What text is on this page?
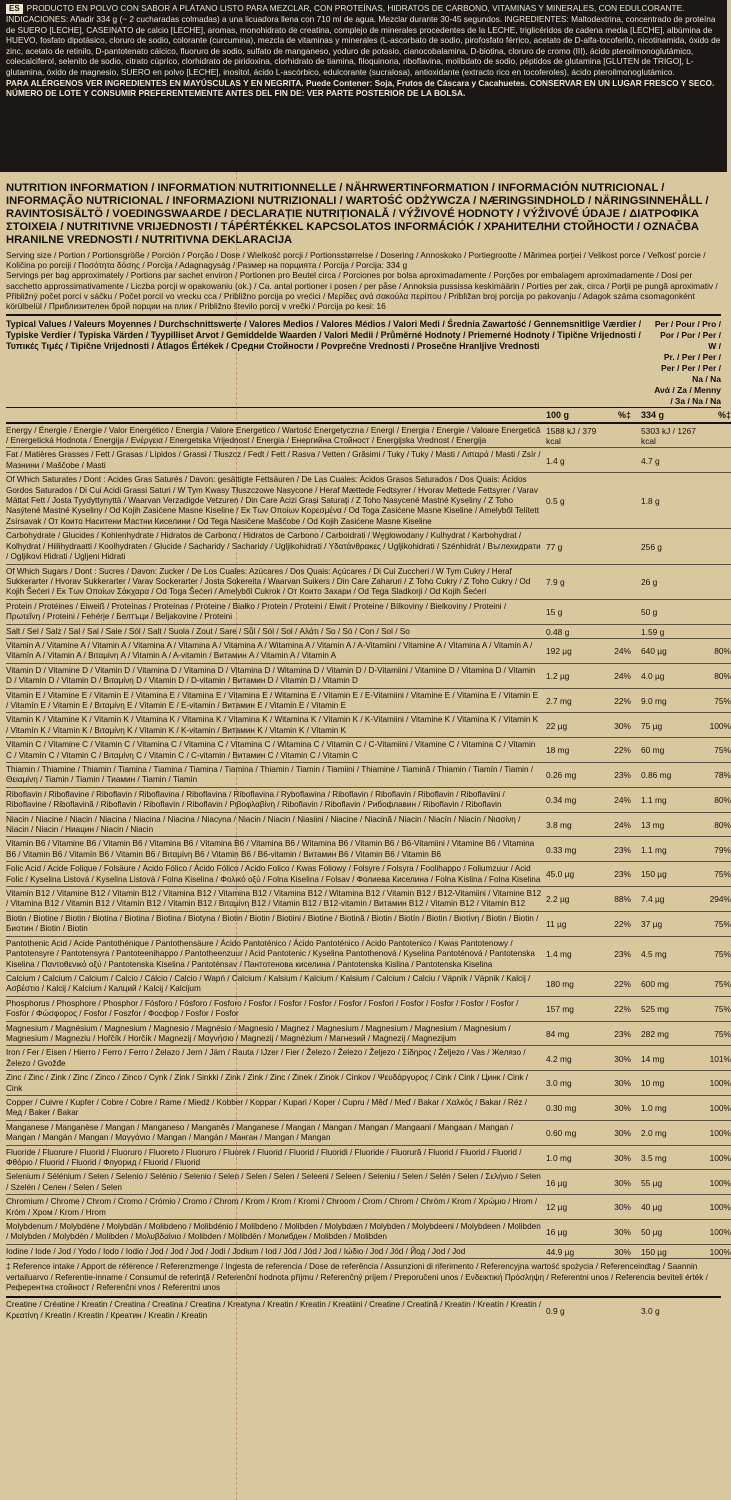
ES PRODUCTO EN POLVO CON SABOR A PLÁTANO LISTO PARA MEZCLAR, CON PROTEÍNAS, HIDRATOS DE CARBONO, VITAMINAS Y MINERALES, CON EDULCORANTE. INDICACIONES: Añadir 334 g (~ 2 cucharadas colmadas) a una licuadora llena con 710 ml de agua. Mezclar durante 30-45 segundos. INGREDIENTES: Maltodextrina, concentrado de proteína de SUERO [LECHE], CASEINATO de calcio [LECHE], aromas, monohidrato de creatina, complejo de minerales procedentes de la LECHE, triglicéridos de cadena media [LECHE], albúmina de HUEVO, fosfato dipotásico, cloruro de sodio, colorante (curcumina), mezcla de vitaminas y minerales (L-ascorbato de sodio, pirofosfato férrico, acetato de D-alfa-tocoferilo, nicotinamida, óxido de zinc, acetato de retinilo, D-pantotenato cálcico, fluoruro de sodio, sulfato de manganeso, yoduro de potasio, cianocobalamina, D-biotina, cloruro de cromo (III), ácido pteroilmonoglutámico, colecalciferol, selenito de sodio, citrato cúprico, clorhidrato de piridoxina, clorhidrato de tiamina, filoquinona, riboflavina, molibdato de sodio, péptidos de glutamina [GLUTEN de TRIGO], L-glutamina, óxido de magnesio, SUERO en polvo [LECHE], inositol, ácido L-ascórbico, edulcorante (sucralosa), antioxidante (extracto rico en tocoferoles), ácido pteroilmonoglutámico.

PARA ALÉRGENOS VER INGREDIENTES EN MAYÚSCULAS Y EN NEGRITA. Puede Contener: Soja, Frutos de Cáscara y Cacahuetes. CONSERVAR EN UN LUGAR FRESCO Y SECO. NÚMERO DE LOTE Y CONSUMIR PREFERENTEMENTE ANTES DEL FIN DE: VER PARTE POSTERIOR DE LA BOLSA.

NUTRITION INFORMATION / INFORMATION NUTRITIONNELLE / NÄHRWERTINFORMATION / INFORMACIÓN NUTRICIONAL / INFORMAÇÃO NUTRICIONAL / INFORMAZIONI NUTRIZIONALI / WARTOŚĆ ODŻYWCZA / NÆRINGSINDHOLD / NÄRINGSINNEHÅLL / RAVINTOSISÄLTÖ / VOEDINGSWAARDE / DECLARAȚIE NUTRIȚIONALĂ / VÝŽIVOVÉ HODNOTY / VÝŽIVOVÉ ÚDAJE / ΔΙΑΤΡΟΦΙΚΑ ΣΤΟΙΧΕΙΑ / NUTRITIVNE VRIJEDNOSTI / TÁPÉRTÉKKEL KAPCSOLATOS INFORMÁCIÓK / ХРАНИТЕЛНИ СТОЙНОСТИ / OZNAČBA HRANILNE VREDNOSTI / NUTRITIVNA DEKLARACIJA

Serving size / Portion / Portionsgröße / Porción / Porção / Dose / Wielkość porcji / Portionsstørrelse / Dosering / Annoskoko / Portiegrootte / Mărimea porției / Velikost porce / Veľkosť porcie / Količina po porciji / Ποσότητα δόσης / Porcija / Adagnagyság / Размер на порцията / Porcija / Porcija: 334 g
Servings per bag approximately / Portions par sachet environ / Portionen pro Beutel circa / Porciones por bolsa aproximadamente / Porções por embalagem aproximadamente / Dosi per sacchetto approssimativamente / Liczba porcji w opakowaniu (ok.) / Ca. antal portioner i posen / per påse / Annoksia pussissa keskimäärin / Porties per zak, circa / Porții pe pungă aproximativ / Přibližný počet porcí v sáčku / Počet porcií vo vrecku cca / Približno porcija po vrećici / Μερίδες ανά σακούλα περίπου / Približan broj porcija po pakovanju / Adagok száma csomagonként körülbelül / Приблизителен брой порции на плик / Približno število porcij v vrečki / Porcija po kesi: 16

Typical Values / Valeurs Moyennes / Durchschnittswerte / Valores Medios / Valores Médios / Valori Medi / Średnia Zawartość / Gennemsnitlige Værdier / Typiske Verdier / Typiska Värden / Tyypilliset Arvot / Gemiddelde Waarden / Valori Medii / Průměrné Hodnoty / Priemerné Hodnoty / Tipične Vrijednosti / Τυπικές Τιμές / Tipične Vrijednosti / Átlagos Értékek / Средни Стойности / Povprečne Vrednosti / Prosečne Hranljive Vrednosti
Per / Pour / Pro / Por / Por / Per / W /
Pr. / Per / Per / Per / Per / Per / Na / Na
Ανά / Za / Menny / За / Na / Na
	100 g	%‡	334 g	%‡
Energy / Énergie / Energie / Valor Energético / Energia / Valore Energetico / Wartość Energetyczna / Energi / Energia / Energie / Valoare Energetică / Energetická Hodnota / Energija / Ενέργεια / Energetska Vrijednost / Energia / Енергийна Стойност / Energijska Vrednost / Energija	1588 kJ / 379 kcal		5303 kJ / 1267 kcal	
Fat / Matières Grasses / Fett / Grasas / Lípidos / Grassi / Tłuszcz / Fedt / Fett / Rasva / Vetten / Grăsimi / Tuky / Tuky / Masti / Λιπαρά / Masti / Zsír / Мазнини / Maščobe / Masti	1.4 g		4.7 g	
Of Which Saturates / Dont : Acides Gras Saturés / Davon: gesättigte Fettsäuren / De Las Cuales: Ácidos Grasos Saturados / Dos Quais: Ácidos Gordos Saturados / Di Cui Acidi Grassi Saturi / W Tym Kwasy Tłuszczowe Nasycone / Heraf Mættede Fedtsyrer / Hvorav Mettede Fettsyrer / Varav Mättat Fett / Josta Tyydyttynyttä / Waarvan Verzadigde Vetzuren / Din Care Acizi Grași Saturați / Z Toho Nasycené Mastné Kyseliny / Z Toho Nasýtené Mastné Kyseliny / Od Kojih Zasićene Masne Kiseline / Εκ Των Οποίων Κορεσμένα / Od Toga Zasićene Masne Kiseline / Amelyből Telített Zsírsavak / От Които Наситени Мастни Киселини / Od Tega Nasičene Maščobe / Od Kojih Zasićene Masne Kiseline	0.5 g		1.8 g	
Carbohydrate / Glucides / Kohlenhydrate / Hidratos de Carbono / Hidratos de Carbono / Carboidrati / Węglowodany / Kulhydrat / Karbohydrat / Kolhydrat / Hiilihydraatti / Koolhydraten / Glucide / Sacharidy / Sacharidy / Ugljikohidrati / Υδατάνθρακες / Ugljikohidrati / Szénhidrát / Въглехидрати / Ogljikovi Hidrati / Ugljeni Hidrati	77 g		256 g	
Of Which Sugars / Dont : Sucres / Davon: Zucker / De Los Cuales: Azúcares / Dos Quais: Açúcares / Di Cui Zuccheri / W Tym Cukry / Heraf Sukkerarter / Hvorav Sukkerarter / Varav Sockerarter / Josta Sokereita / Waarvan Suikers / Din Care Zaharuri / Z Toho Cukry / Z Toho Cukry / Od Kojih Šećeri / Εκ Των Οποίων Σάκχαρα / Od Toga Šećeri / Amelyből Cukrok / От Които Захари / Od Tega Sladkorji / Od Kojih Šećeri	7.9 g		26 g	
Protein / Protéines / Eiweiß / Proteínas / Proteínas / Proteine / Białko / Protein / Proteini / Eiwit / Proteine / Bílkoviny / Bielkoviny / Proteini / Πρωτεΐνη / Proteini / Fehérje / Белтъци / Beljakovine / Proteini	15 g		50 g	
Salt / Sel / Salz / Sal / Sal / Sale / Sól / Salt / Suola / Zout / Sare / Sůl / Sól / Sol / Αλάτι / So / Só / Con / Sol / So	0.48 g		1.59 g	
Vitamin A / Vitamine A / Vitamin A / Vitamina A / Vitamina A / Vitamina A / Witamina A / Vitamin A / A-Vitamiini / Vitamine A / Vitamina A / Vitamin A / Vitamín A / Vitamin A / Βιταμίνη A / Vitamin A / A-vitamin / Витамин A / Vitamin A / Vitamin A	192 µg	24%	640 µg	80%
Vitamin D / Vitamine D / Vitamin D / Vitamina D / Vitamina D / Vitamina D / Witamina D / Vitamin D / D-Vitamiini / Vitamine D / Vitamina D / Vitamin D / Vitamín D / Vitamin D / Βιταμίνη D / Vitamin D / D-vitamin / Витамин D / Vitamin D / Vitamin D	1.2 µg	24%	4.0 µg	80%
Vitamin E / Vitamine E / Vitamin E / Vitamina E / Vitamina E / Vitamina E / Witamina E / Vitamin E / E-Vitamiini / Vitamine E / Vitamina E / Vitamin E / Vitamín E / Vitamin E / Βιταμίνη E / Vitamin E / E-vitamin / Витамин E / Vitamin E / Vitamin E	2.7 mg	22%	9.0 mg	75%
Vitamin K / Vitamine K / Vitamin K / Vitamina K / Vitamina K / Vitamina K / Witamina K / Vitamin K / K-Vitamiini / Vitamine K / Vitamina K / Vitamin K / Vitamín K / Vitamin K / Βιταμίνη K / Vitamin K / K-vitamin / Витамин K / Vitamin K / Vitamin K	22 µg	30%	75 µg	100%
Vitamin C / Vitamine C / Vitamin C / Vitamina C / Vitamina C / Vitamina C / Witamina C / Vitamin C / C-Vitamiini / Vitamine C / Vitamina C / Vitamin C / Vitamín C / Vitamin C / Βιταμίνη C / Vitamin C / C-vitamin / Витамин C / Vitamin C / Vitamin C	18 mg	22%	60 mg	75%
Thiamin / Thiamine / Thiamin / Tiamina / Tiamina / Tiamina / Tiamina / Thiamin / Tiamin / Tiamiini / Thiamine / Tiamină / Thiamin / Tiamín / Tiamin / Θειαμίνη / Tiamin / Tiamin / Тиамин / Tiamin / Tiamin	0.26 mg	23%	0.86 mg	78%
Riboflavin / Riboflavine / Riboflavin / Riboflavina / Riboflavina / Riboflavina / Ryboflawina / Riboflavin / Riboflavin / Riboflavin / Riboflaviini / Riboflavine / Riboflavină / Riboflavin / Riboflavín / Riboflavin / Ριβοφλαβίνη / Riboflavin / Riboflavin / Рибофлавин / Riboflavin / Riboflavin	0.34 mg	24%	1.1 mg	80%
Niacin / Niacine / Niacin / Niacina / Niacina / Niacina / Niacyna / Niacin / Niacin / Niasiini / Niacine / Niacină / Niacin / Niacín / Niacin / Νιασίνη / Niacin / Niacin / Ниацин / Niacin / Niacin	3.8 mg	24%	13 mg	80%
Vitamin B6 / Vitamine B6 / Vitamin B6 / Vitamina B6 / Vitamina B6 / Vitamina B6 / Witamina B6 / Vitamin B6 / B6-Vitamiini / Vitamine B6 / Vitamina B6 / Vitamin B6 / Vitamín B6 / Vitamin B6 / Βιταμίνη B6 / Vitamin B6 / B6-vitamin / Витамин B6 / Vitamin B6 / Vitamin B6	0.33 mg	23%	1.1 mg	79%
Folic Acid / Acide Folique / Folsäure / Ácido Fólico / Ácido Fólico / Acido Folico / Kwas Foliowy / Folsyre / Folsyra / Foolihappo / Foliumzuur / Acid Folic / Kyselina Listová / Kyselina Listová / Folna Kiselina / Φολικό οξύ / Folna Kiselina / Folsav / Фолиева Киселина / Folna Kislina / Folna Kiselina	45.0 µg	23%	150 µg	75%
Vitamin B12 / Vitamine B12 / Vitamin B12 / Vitamina B12 / Vitamina B12 / Vitamina B12 / Witamina B12 / Vitamin B12 / B12-Vitamiini / Vitamine B12 / Vitamina B12 / Vitamin B12 / Vitamín B12 / Vitamin B12 / Βιταμίνη B12 / Vitamin B12 / B12-vitamin / Витамин B12 / Vitamin B12 / Vitamin B12	2.2 µg	88%	7.4 µg	294%
Biotin / Biotine / Biotin / Biotina / Biotina / Biotina / Biotyna / Biotin / Biotin / Biotiini / Biotine / Biotină / Biotin / Biotín / Biotin / Βιοτίνη / Biotin / Biotin / Биотин / Biotin / Biotin	11 µg	22%	37 µg	75%
Pantothenic Acid / Acide Pantothénique / Pantothensäure / Ácido Pantoténico / Ácido Pantoténico / Acido Pantotenico / Kwas Pantotenowy / Pantotensyre / Pantotensyra / Pantoteenihappo / Pantotheenzuur / Acid Pantotenic / Kyselina Pantothenová / Kyselina Pantoténová / Pantotenska Kiselina / Παντοθενικό οξύ / Pantotenska Kiselina / Pantoténsav / Пантотенова киселина / Pantotenska Kislina / Pantotenska Kiselina	1.4 mg	23%	4.5 mg	75%
Calcium / Calcium / Calcium / Calcio / Cálcio / Calcio / Wapń / Calcium / Kalsium / Kalcium / Kalsium / Calcium / Calciu / Vápník / Vápnik / Kalcij / Ασβέστιο / Kalcij / Kalcium / Калций / Kalcij / Kalcijum	180 mg	22%	600 mg	75%
Phosphorus / Phosphore / Phosphor / Fósforo / Fósforo / Fosforo / Fosfor / Fosfor / Fosfor / Fosfor / Fosfori / Fosfor / Fosfor / Fosfor / Fosfor / Fosfor / Φώσφορος / Fosfor / Foszfor / Фосфор / Fosfor / Fosfor	157 mg	22%	525 mg	75%
Magnesium / Magnésium / Magnesium / Magnesio / Magnésio / Magnesio / Magnez / Magnesium / Magnesium / Magnesium / Magnesium / Magnesium / Magneziu / Hořčík / Horčík / Magnezij / Μαγνήσιο / Magnezij / Magnézium / Магнезий / Magnezij / Magnezijum	84 mg	23%	282 mg	75%
Iron / Fer / Eisen / Hierro / Ferro / Ferro / Żelazo / Jern / Järn / Rauta / IJzer / Fier / Železo / Železo / Željezo / Σίδηρος / Željezo / Vas / Желязо / Železo / Gvožđe	4.2 mg	30%	14 mg	101%
Zinc / Zinc / Zink / Zinc / Zinco / Zinco / Cynk / Zink / Sinkki / Zink / Zink / Zinc / Zinek / Zinok / Cinkov / Ψευδάργυρος / Cink / Cink / Цинк / Cink / Cink	3.0 mg	30%	10 mg	100%
Copper / Cuivre / Kupfer / Cobre / Cobre / Rame / Miedź / Kobber / Koppar / Kupari / Koper / Cupru / Měď / Meď / Bakar / Χαλκός / Bakar / Réz / Мед / Baker / Bakar	0.30 mg	30%	1.0 mg	100%
Manganese / Manganèse / Mangan / Manganeso / Manganês / Manganese / Mangan / Mangan / Mangan / Mangaani / Mangaan / Mangan / Mangan / Mangán / Mangan / Μαγγάνιο / Mangan / Mangán / Манган / Mangan / Mangan	0.60 mg	30%	2.0 mg	100%
Fluoride / Fluorure / Fluorid / Fluoruro / Fluoreto / Fluoruro / Fluorek / Fluorid / Fluorid / Fluoridi / Fluoride / Fluorură / Fluorid / Fluorid / Fluorid / Φθόριο / Fluorid / Fluorid / Флуорид / Fluorid / Fluorid	1.0 mg	30%	3.5 mg	100%
Selenium / Sélénium / Selen / Selenio / Selénio / Selenio / Selen / Selen / Selen / Seleeni / Seleen / Seleniu / Selen / Selén / Selen / Σελήνιο / Selen / Szelén / Селен / Selen / Selen	16 µg	30%	55 µg	100%
Chromium / Chrome / Chrom / Cromo / Crómio / Cromo / Chrom / Krom / Krom / Kromi / Chroom / Crom / Chrom / Chróm / Krom / Χρώμιο / Hrom / Króm / Хром / Krom / Hrom	12 µg	30%	40 µg	100%
Molybdenum / Molybdène / Molybdän / Molibdeno / Molibdénio / Molibdeno / Molibden / Molybdæn / Molybden / Molybdeeni / Molybdeen / Molibden / Molybden / Molybdén / Molibden / Μολυβδαίνιο / Molibden / Molibdén / Молибден / Molibden / Molibden	16 µg	30%	50 µg	100%
Iodine / Iode / Jod / Yodo / Iodo / Iodio / Jod / Jod / Jod / Jodi / Jodium / Iod / Jód / Jód / Jod / Ιώδιο / Jod / Jód / Йод / Jod / Jod	44.9 µg	30%	150 µg	100%
‡ Reference intake / Apport de référence / Referenzmenge / Ingesta de referencia / Dose de referência / Assunzioni di riferimento / Referencyjna wartość spożycia / Referenceindtag / Saannin vertailuarvo / Referentie-inname / Consumul de referință / Referenční hodnota příjmu / Referenčný príjem / Preporučeni unos / Ενδεικτική Πρόσληψη / Referentni unos / Referencia beviteli érték / Референтна стойност / Referenčni vnos / Referentni unos
Creatine / Créatine / Kreatin / Creatina / Creatina / Creatina / Kreatyna / Kreatin / Kreatin / Kreatiini / Creatine / Creatină / Kreatin / Kreatín / Kreatin / Κρεατίνη / Kreatin / Kreatin / Креатин / Kreatin / Kreatin	0.9 g		3.0 g	
